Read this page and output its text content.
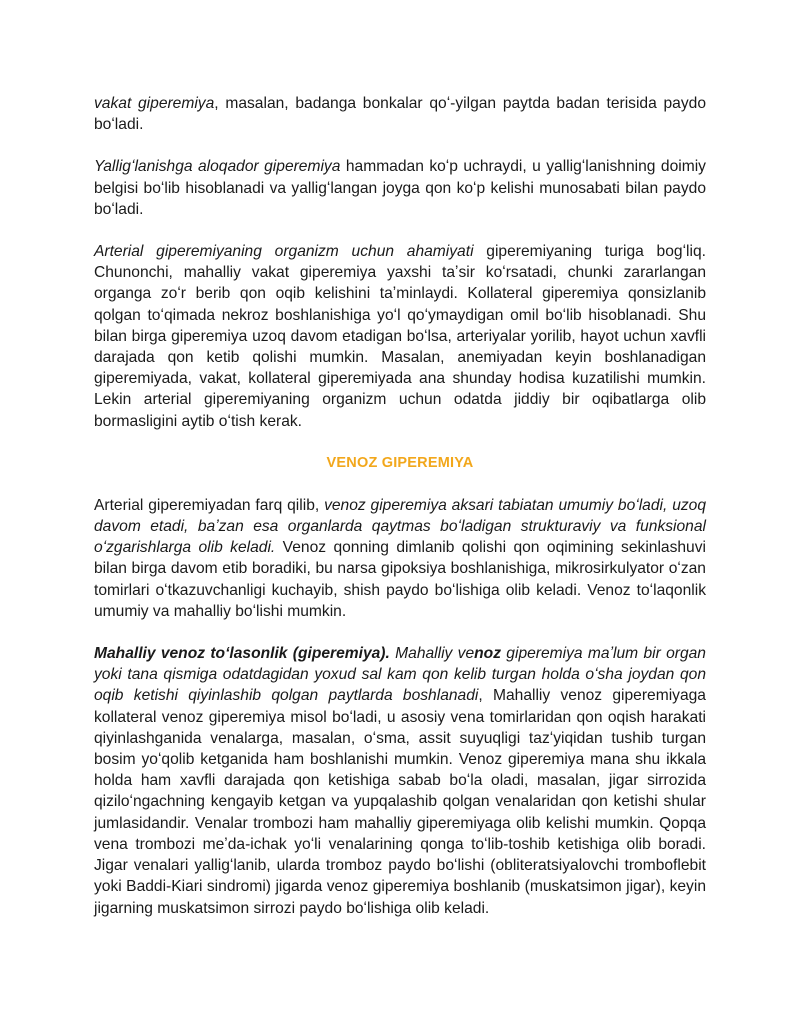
vakat giperemiya, masalan, badanga bonkalar qoʻ-yilgan paytda badan terisida paydo boʻladi.

Yalligʻlanishga aloqador giperemiya hammadan koʻp uchraydi, u yalligʻlanishning doimiy belgisi boʻlib hisoblanadi va yalligʻlangan joyga qon koʻp kelishi munosabati bilan paydo boʻladi.

Arterial giperemiyaning organizm uchun ahamiyati giperemiyaning turiga bogʻliq. Chunonchi, mahalliy vakat giperemiya yaxshi taʼsir koʻrsatadi, chunki zararlangan organga zoʻr berib qon oqib kelishini taʼminlaydi. Kollateral giperemiya qonsizlanib qolgan toʻqimada nekroz boshlanishiga yoʻl qoʻymaydigan omil boʻlib hisoblanadi. Shu bilan birga giperemiya uzoq davom etadigan boʻlsa, arteriyalar yorilib, hayot uchun xavfli darajada qon ketib qolishi mumkin. Masalan, anemiyadan keyin boshlanadigan giperemiyada, vakat, kollateral giperemiyada ana shunday hodisa kuzatilishi mumkin. Lekin arterial giperemiyaning organizm uchun odatda jiddiy bir oqibatlarga olib bormasligini aytib oʻtish kerak.

VENOZ GIPEREMIYA

Arterial giperemiyadan farq qilib, venoz giperemiya aksari tabiatan umumiy boʻladi, uzoq davom etadi, baʼzan esa organlarda qaytmas boʻladigan strukturaviy va funksional oʻzgarishlarga olib keladi. Venoz qonning dimlanib qolishi qon oqimining sekinlashuvi bilan birga davom etib boradiki, bu narsa gipoksiya boshlanishiga, mikrosirkulyator oʻzan tomirlari oʻtkazuvchanligi kuchayib, shish paydo boʻlishiga olib keladi. Venoz toʻlaqonlik umumiy va mahalliy boʻlishi mumkin.

Mahalliy venoz toʻlasonlik (giperemiya). Mahalliy venoz giperemiya maʼlum bir organ yoki tana qismiga odatdagidan yoxud sal kam qon kelib turgan holda oʻsha joydan qon oqib ketishi qiyinlashib qolgan paytlarda boshlanadi, Mahalliy venoz giperemiyaga kollateral venoz giperemiya misol boʻladi, u asosiy vena tomirlaridan qon oqish harakati qiyinlashganida venalarga, masalan, oʻsma, assit suyuqligi tazʻyiqidan tushib turgan bosim yoʻqolib ketganida ham boshlanishi mumkin. Venoz giperemiya mana shu ikkala holda ham xavfli darajada qon ketishiga sabab boʻla oladi, masalan, jigar sirrozida qiziloʻngachning kengayib ketgan va yupqalashib qolgan venalaridan qon ketishi shular jumlasidandir. Venalar trombozi ham mahalliy giperemiyaga olib kelishi mumkin. Qopqa vena trombozi meʼda-ichak yoʻli venalarining qonga toʻlib-toshib ketishiga olib boradi. Jigar venalari yalligʻlanib, ularda tromboz paydo boʻlishi (obliteratsiyalovchi tromboflebit yoki Baddi-Kiari sindromi) jigarda venoz giperemiya boshlanib (muskatsimon jigar), keyin jigarning muskatsimon sirrozi paydo boʻlishiga olib keladi.
